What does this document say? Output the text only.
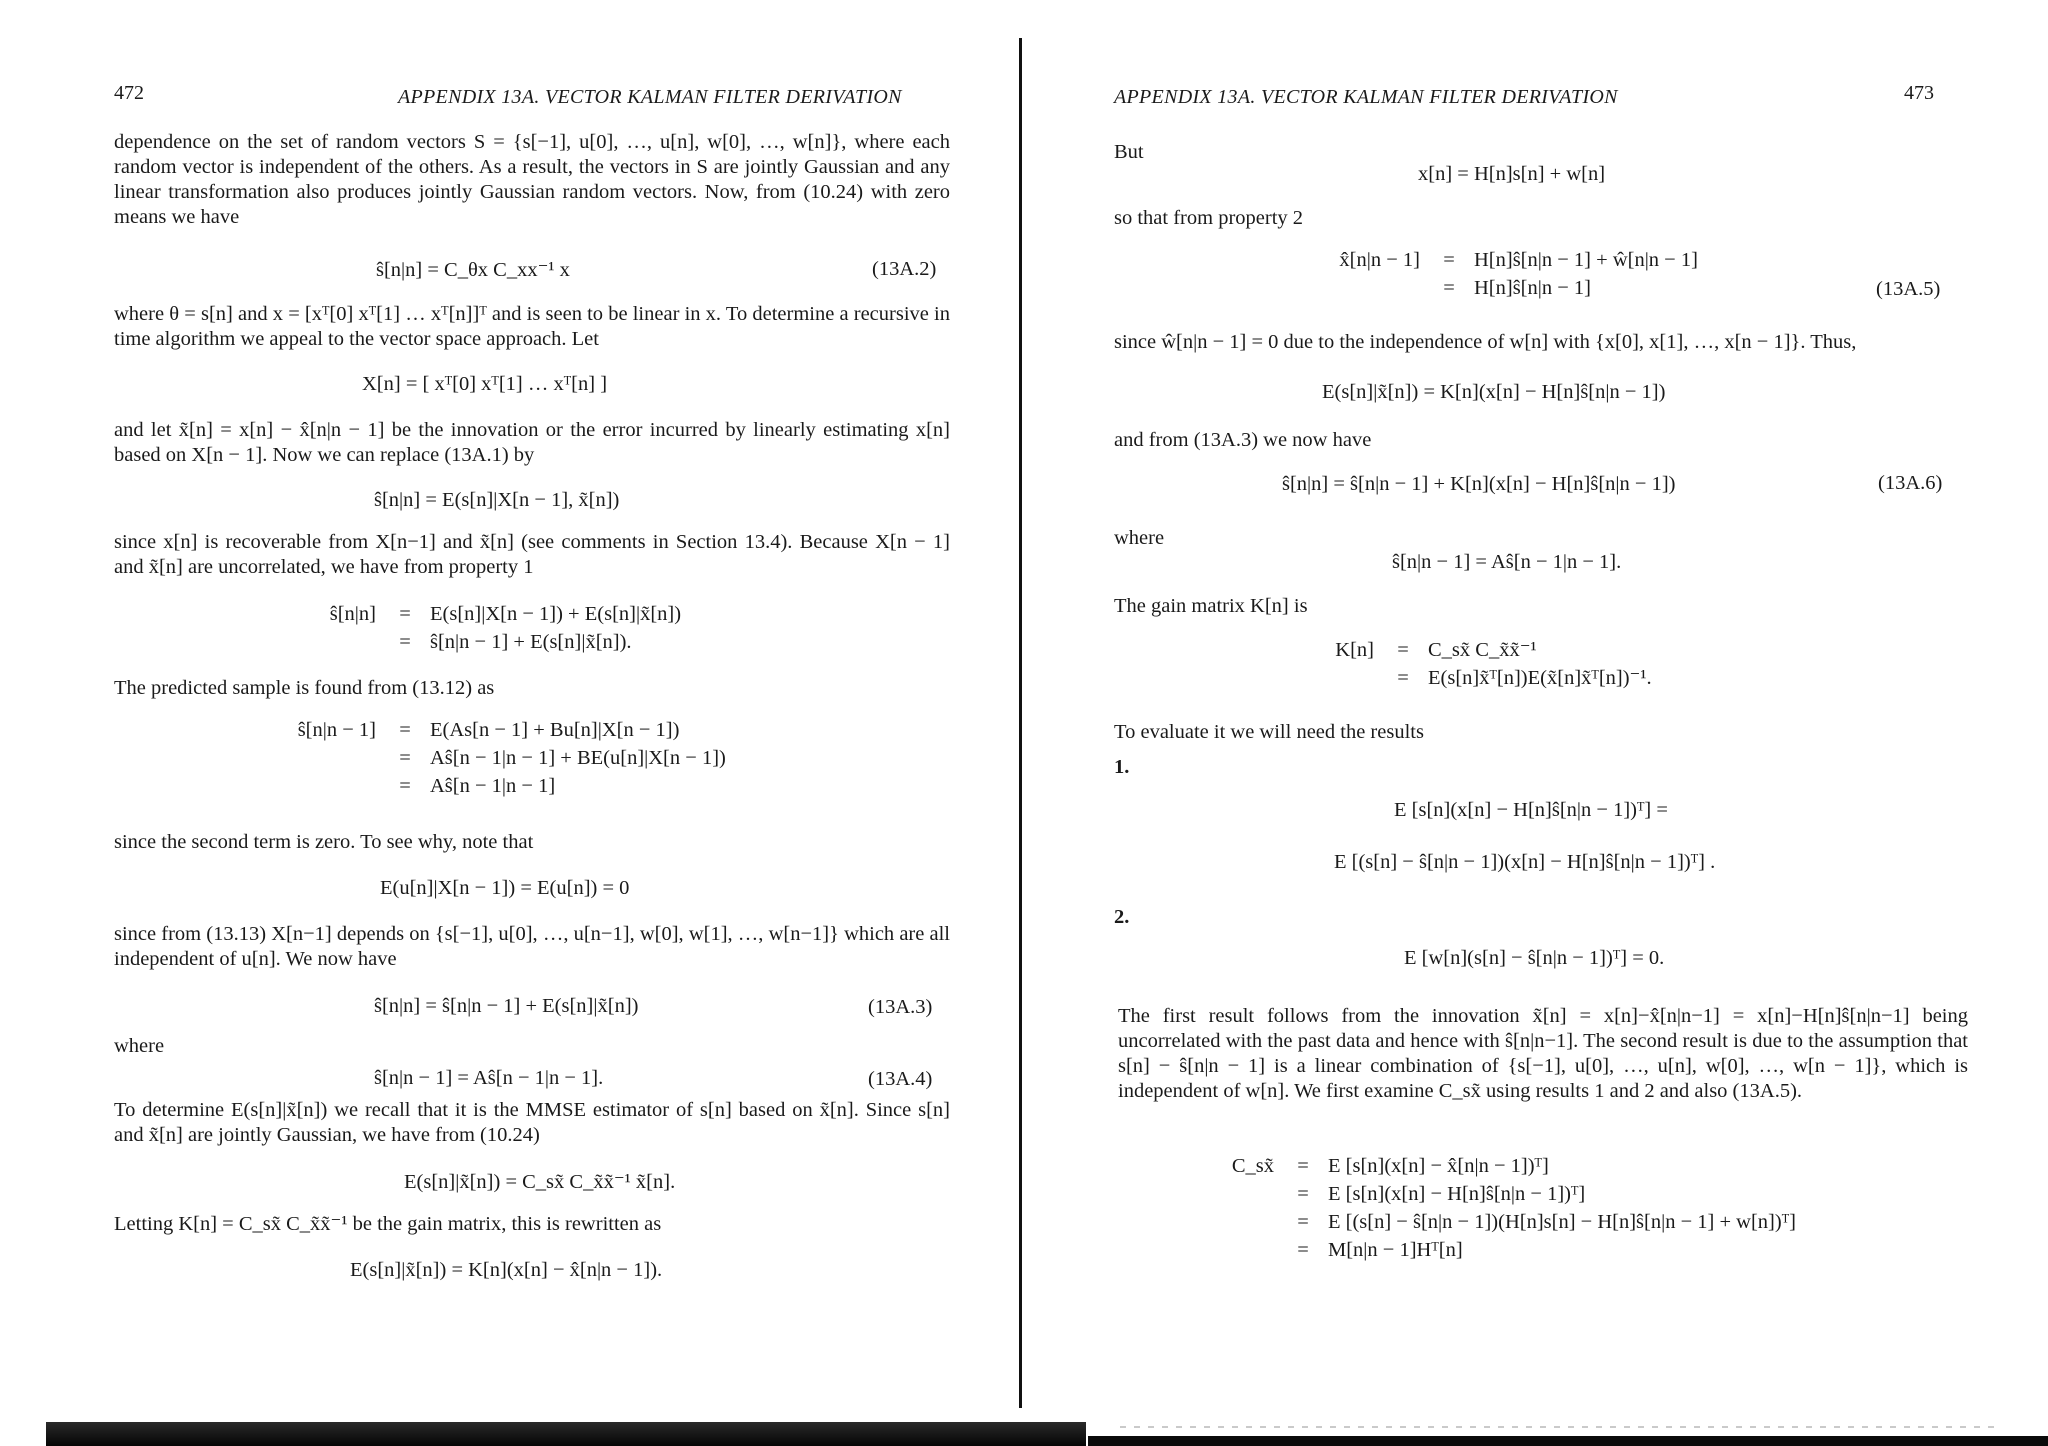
472	APPENDIX 13A. VECTOR KALMAN FILTER DERIVATION
dependence on the set of random vectors S = {s[−1], u[0], …, u[n], w[0], …, w[n]}, where each random vector is independent of the others. As a result, the vectors in S are jointly Gaussian and any linear transformation also produces jointly Gaussian random vectors. Now, from (10.24) with zero means we have
ŝ[n|n] = C_θx C_xx⁻¹ x	(13A.2)
where θ = s[n] and x = [xᵀ[0] xᵀ[1] … xᵀ[n]]ᵀ and is seen to be linear in x. To determine a recursive in time algorithm we appeal to the vector space approach. Let
X[n] = [ xᵀ[0] xᵀ[1] … xᵀ[n] ]
and let x̃[n] = x[n] − x̂[n|n − 1] be the innovation or the error incurred by linearly estimating x[n] based on X[n − 1]. Now we can replace (13A.1) by
ŝ[n|n] = E(s[n]|X[n − 1], x̃[n])
since x[n] is recoverable from X[n−1] and x̃[n] (see comments in Section 13.4). Because X[n − 1] and x̃[n] are uncorrelated, we have from property 1
ŝ[n|n]	= E(s[n]|X[n − 1]) + E(s[n]|x̃[n])
= ŝ[n|n − 1] + E(s[n]|x̃[n]).
The predicted sample is found from (13.12) as
ŝ[n|n − 1]	= E(As[n − 1] + Bu[n]|X[n − 1])
= Aŝ[n − 1|n − 1] + BE(u[n]|X[n − 1])
= Aŝ[n − 1|n − 1]
since the second term is zero. To see why, note that
E(u[n]|X[n − 1]) = E(u[n]) = 0
since from (13.13) X[n−1] depends on {s[−1], u[0], …, u[n−1], w[0], w[1], …, w[n−1]} which are all independent of u[n]. We now have
ŝ[n|n] = ŝ[n|n − 1] + E(s[n]|x̃[n])	(13A.3)
where
ŝ[n|n − 1] = Aŝ[n − 1|n − 1].	(13A.4)
To determine E(s[n]|x̃[n]) we recall that it is the MMSE estimator of s[n] based on x̃[n]. Since s[n] and x̃[n] are jointly Gaussian, we have from (10.24)
E(s[n]|x̃[n]) = C_sx̃ C_x̃x̃⁻¹ x̃[n].
Letting K[n] = C_sx̃ C_x̃x̃⁻¹ be the gain matrix, this is rewritten as
E(s[n]|x̃[n]) = K[n](x[n] − x̂[n|n − 1]).
APPENDIX 13A. VECTOR KALMAN FILTER DERIVATION	473
But
x[n] = H[n]s[n] + w[n]
so that from property 2
x̂[n|n − 1]	= H[n]ŝ[n|n − 1] + ŵ[n|n − 1]
= H[n]ŝ[n|n − 1]	(13A.5)
since ŵ[n|n − 1] = 0 due to the independence of w[n] with {x[0], x[1], …, x[n − 1]}. Thus,
E(s[n]|x̃[n]) = K[n](x[n] − H[n]ŝ[n|n − 1])
and from (13A.3) we now have
ŝ[n|n] = ŝ[n|n − 1] + K[n](x[n] − H[n]ŝ[n|n − 1])	(13A.6)
where
ŝ[n|n − 1] = Aŝ[n − 1|n − 1].
The gain matrix K[n] is
K[n]	= C_sx̃ C_x̃x̃⁻¹
= E(s[n]x̃ᵀ[n])E(x̃[n]x̃ᵀ[n])⁻¹.
To evaluate it we will need the results
1.
E [s[n](x[n] − H[n]ŝ[n|n − 1])ᵀ] =
E [(s[n] − ŝ[n|n − 1])(x[n] − H[n]ŝ[n|n − 1])ᵀ] .
2.
E [w[n](s[n] − ŝ[n|n − 1])ᵀ] = 0.
The first result follows from the innovation x̃[n] = x[n]−x̂[n|n−1] = x[n]−H[n]ŝ[n|n−1] being uncorrelated with the past data and hence with ŝ[n|n−1]. The second result is due to the assumption that s[n] − ŝ[n|n − 1] is a linear combination of {s[−1], u[0], …, u[n], w[0], …, w[n − 1]}, which is independent of w[n]. We first examine C_sx̃ using results 1 and 2 and also (13A.5).
C_sx̃	= E [s[n](x[n] − x̂[n|n − 1])ᵀ]
= E [s[n](x[n] − H[n]ŝ[n|n − 1])ᵀ]
= E [(s[n] − ŝ[n|n − 1])(H[n]s[n] − H[n]ŝ[n|n − 1] + w[n])ᵀ]
= M[n|n − 1]Hᵀ[n]
